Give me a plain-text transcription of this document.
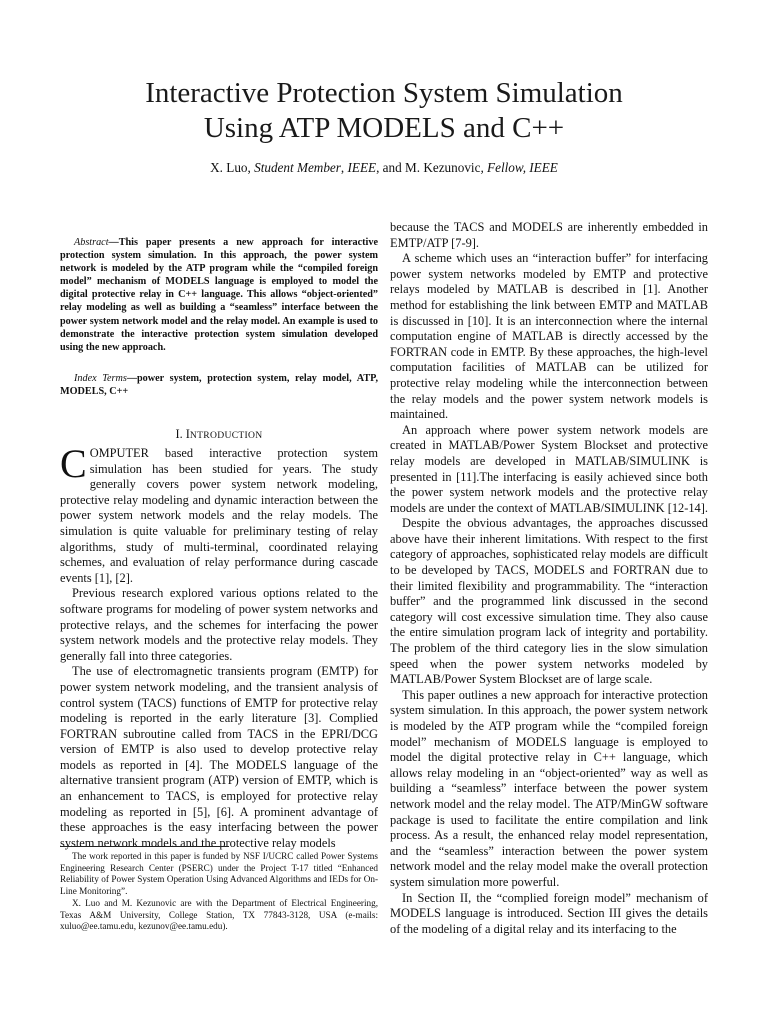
Interactive Protection System Simulation
Using ATP MODELS and C++
X. Luo, Student Member, IEEE, and M. Kezunovic, Fellow, IEEE

Abstract—This paper presents a new approach for interactive protection system simulation. In this approach, the power system network is modeled by the ATP program while the “compiled foreign model” mechanism of MODELS language is employed to model the digital protective relay in C++ language. This allows “object-oriented” relay modeling as well as building a “seamless” interface between the power system network model and the relay model. An example is used to demonstrate the interactive protection system simulation developed using the new approach.

Index Terms—power system, protection system, relay model, ATP, MODELS, C++

I. INTRODUCTION

COMPUTER based interactive protection system simulation has been studied for years. The study generally covers power system network modeling, protective relay modeling and dynamic interaction between the power system network models and the relay models. The simulation is quite valuable for preliminary testing of relay algorithms, study of multi-terminal, coordinated relaying schemes, and evaluation of relay performance during cascade events [1], [2].

Previous research explored various options related to the software programs for modeling of power system networks and protective relays, and the schemes for interfacing the power system network models and the protective relay models. They generally fall into three categories.

The use of electromagnetic transients program (EMTP) for power system network modeling, and the transient analysis of control system (TACS) functions of EMTP for protective relay modeling is reported in the early literature [3]. Complied FORTRAN subroutine called from TACS in the EPRI/DCG version of EMTP is also used to develop protective relay models as reported in [4]. The MODELS language of the alternative transient program (ATP) version of EMTP, which is an enhancement to TACS, is employed for protective relay modeling as reported in [5], [6]. A prominent advantage of these approaches is the easy interfacing between the power system network models and the protective relay models

The work reported in this paper is funded by NSF I/UCRC called Power Systems Engineering Research Center (PSERC) under the Project T-17 titled “Enhanced Reliability of Power System Operation Using Advanced Algorithms and IEDs for On-Line Monitoring”.

X. Luo and M. Kezunovic are with the Department of Electrical Engineering, Texas A&M University, College Station, TX 77843-3128, USA (e-mails: xuluo@ee.tamu.edu, kezunov@ee.tamu.edu).

because the TACS and MODELS are inherently embedded in EMTP/ATP [7-9].

A scheme which uses an “interaction buffer” for interfacing power system networks modeled by EMTP and protective relays modeled by MATLAB is described in [1]. Another method for establishing the link between EMTP and MATLAB is discussed in [10]. It is an interconnection where the internal computation engine of MATLAB is directly accessed by the FORTRAN code in EMTP. By these approaches, the high-level computation facilities of MATLAB can be utilized for protective relay modeling while the interconnection between the relay models and the power system network models is maintained.

An approach where power system network models are created in MATLAB/Power System Blockset and protective relay models are developed in MATLAB/SIMULINK is presented in [11].The interfacing is easily achieved since both the power system network models and the protective relay models are under the context of MATLAB/SIMULINK [12-14].

Despite the obvious advantages, the approaches discussed above have their inherent limitations. With respect to the first category of approaches, sophisticated relay models are difficult to be developed by TACS, MODELS and FORTRAN due to their limited flexibility and programmability. The “interaction buffer” and the programmed link discussed in the second category will cost excessive simulation time. They also cause the entire simulation program lack of integrity and portability. The problem of the third category lies in the slow simulation speed when the power system networks modeled by MATLAB/Power System Blockset are of large scale.

This paper outlines a new approach for interactive protection system simulation. In this approach, the power system network is modeled by the ATP program while the “compiled foreign model” mechanism of MODELS language is employed to model the digital protective relay in C++ language, which allows relay modeling in an “object-oriented” way as well as building a “seamless” interface between the power system network model and the relay model. The ATP/MinGW software package is used to facilitate the entire compilation and link process. As a result, the enhanced relay model representation, and the “seamless” interaction between the power system network model and the relay model make the overall protection system simulation more powerful.

In Section II, the “complied foreign model” mechanism of MODELS language is introduced. Section III gives the details of the modeling of a digital relay and its interfacing to the
